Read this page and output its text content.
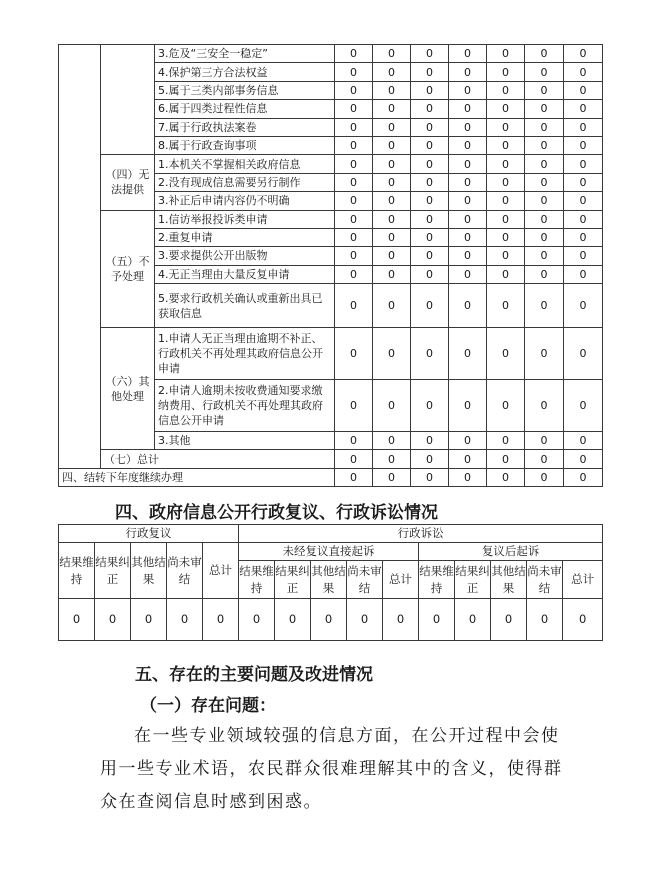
		3.危及“三安全一稳定”	0	0	0	0	0	0	0
		4.保护第三方合法权益	0	0	0	0	0	0	0
		5.属于三类内部事务信息	0	0	0	0	0	0	0
		6.属于四类过程性信息	0	0	0	0	0	0	0
		7.属于行政执法案卷	0	0	0	0	0	0	0
		8.属于行政查询事项	0	0	0	0	0	0	0
	（四）无法提供	1.本机关不掌握相关政府信息	0	0	0	0	0	0	0
		2.没有现成信息需要另行制作	0	0	0	0	0	0	0
		3.补正后申请内容仍不明确	0	0	0	0	0	0	0
	（五）不予处理	1.信访举报投诉类申请	0	0	0	0	0	0	0
		2.重复申请	0	0	0	0	0	0	0
		3.要求提供公开出版物	0	0	0	0	0	0	0
		4.无正当理由大量反复申请	0	0	0	0	0	0	0
		5.要求行政机关确认或重新出具已获取信息	0	0	0	0	0	0	0
	（六）其他处理	1.申请人无正当理由逾期不补正、行政机关不再处理其政府信息公开申请	0	0	0	0	0	0	0
		2.申请人逾期未按收费通知要求缴纳费用、行政机关不再处理其政府信息公开申请	0	0	0	0	0	0	0
		3.其他	0	0	0	0	0	0	0
	（七）总计		0	0	0	0	0	0	0
四、结转下年度继续办理			0	0	0	0	0	0	0
四、政府信息公开行政复议、行政诉讼情况
行政复议					行政诉讼									
结果维持	结果纠正	其他结果	尚未审结	总计	未经复议直接起诉					复议后起诉				
					结果维持	结果纠正	其他结果	尚未审结	总计	结果维持	结果纠正	其他结果	尚未审结	总计
0	0	0	0	0	0	0	0	0	0	0	0	0	0	0
五、存在的主要问题及改进情况
（一）存在问题：
在一些专业领域较强的信息方面，在公开过程中会使用一些专业术语，农民群众很难理解其中的含义，使得群众在查阅信息时感到困惑。
